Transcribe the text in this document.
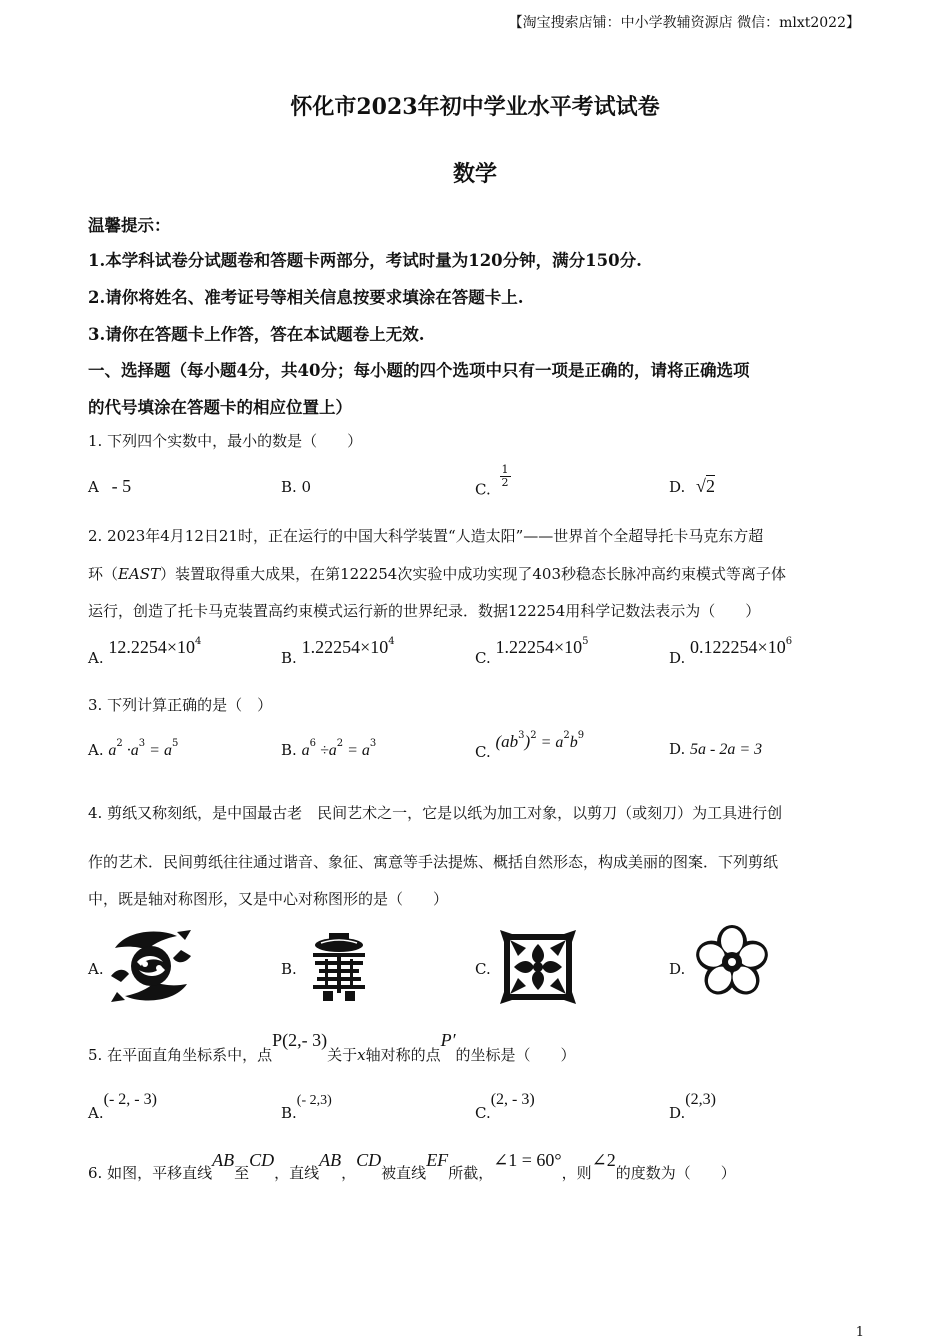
【淘宝搜索店铺：中小学教辅资源店 微信：mlxt2022】
怀化市2023年初中学业水平考试试卷
数学
温馨提示：
1.本学科试卷分试题卷和答题卡两部分，考试时量为120分钟，满分150分.
2.请你将姓名、准考证号等相关信息按要求填涂在答题卡上.
3.请你在答题卡上作答，答在本试题卷上无效.
一、选择题（每小题4分，共40分；每小题的四个选项中只有一项是正确的，请将正确选项
的代号填涂在答题卡的相应位置上）
1. 下列四个实数中，最小的数是（　　）
A - 5	B. 0	C.
$\frac{1}{2}$	D. √2
2. 2023年4月12日21时，正在运行的中国大科学装置“人造太阳”——世界首个全超导托卡马克东方超
环（EAST）装置取得重大成果，在第122254次实验中成功实现了403秒稳态长脉冲高约束模式等离子体
运行，创造了托卡马克装置高约束模式运行新的世界纪录．数据122254用科学记数法表示为（　　）
A. $12.2254\times 10^4$
B. $1.22254\times 10^4$
C. $1.22254\times 10^5$
D. $0.122254\times 10^6$
3. 下列计算正确的是（　）
A. $a^2 \cdot a^3 = a^5$	B. $a^6 \div a^2 = a^3$	C. $(ab^3)^2 = a^2b^9$
D. 5a - 2a = 3
4. 剪纸又称刻纸，是中国最古老　民间艺术之一，它是以纸为加工对象，以剪刀（或刻刀）为工具进行创
作的艺术．民间剪纸往往通过谐音、象征、寓意等手法提炼、概括自然形态，构成美丽的图案．下列剪纸
中，既是轴对称图形，又是中心对称图形的是（　　）
A.	B.	C.	D.
5. 在平面直角坐标系中，点P(2,- 3)关于x轴对称的点P′的坐标是（　　）
A.(- 2, - 3)
B.(- 2,3)
C.(2, - 3)
D.(2,3)
6. 如图，平移直线AB至CD，直线AB，CD被直线EF所截，∠1 = 60°，则∠2的度数为（　　）
1
